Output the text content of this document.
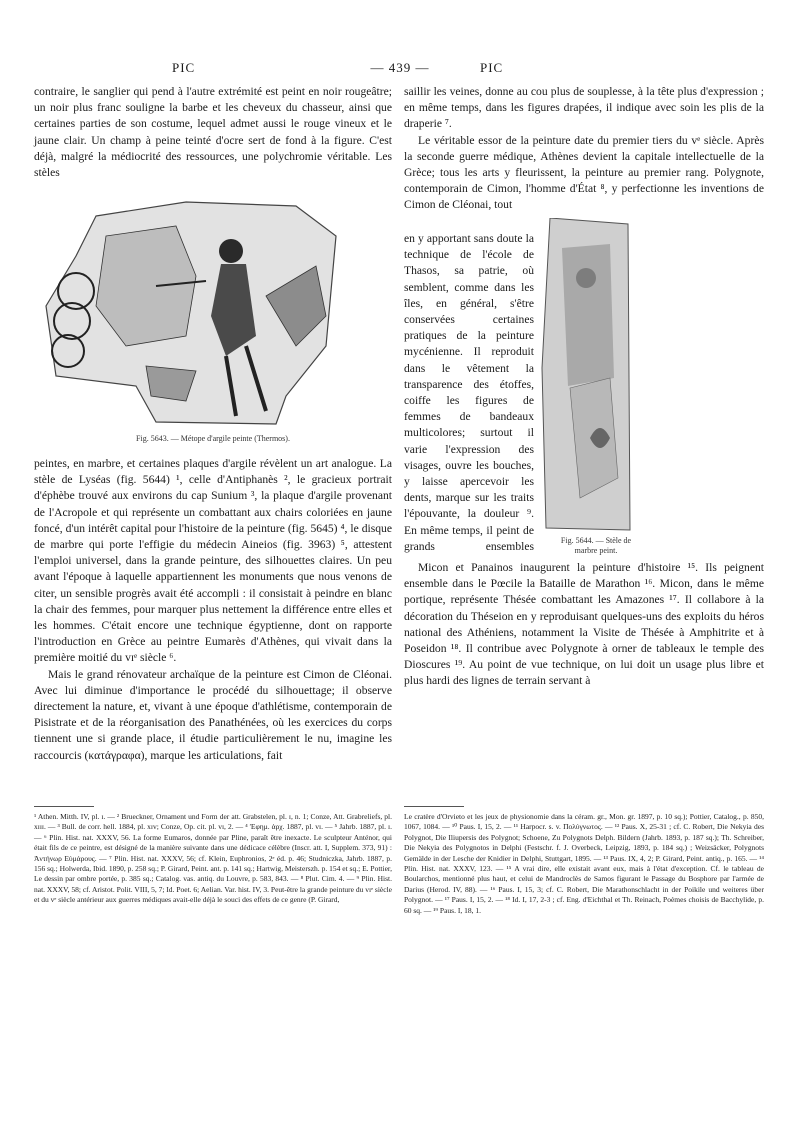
PIC	— 439 —	PIC

contraire, le sanglier qui pend à l'autre extrémité est peint en noir rougeâtre; un noir plus franc souligne la barbe et les cheveux du chasseur, ainsi que certaines parties de son costume, lequel admet aussi le rouge vineux et le jaune clair. Un champ à peine teinté d'ocre sert de fond à la figure. C'est déjà, malgré la médiocrité des ressources, une polychromie véritable. Les stèles

Fig. 5643. — Métope d'argile peinte (Thermos).

peintes, en marbre, et certaines plaques d'argile révèlent un art analogue. La stèle de Lyséas (fig. 5644) ¹, celle d'Antiphanès ², le gracieux portrait d'éphèbe trouvé aux environs du cap Sunium ³, la plaque d'argile provenant de l'Acropole et qui représente un combattant aux chairs coloriées en jaune foncé, d'un intérêt capital pour l'histoire de la peinture (fig. 5645) ⁴, le disque de marbre qui porte l'effigie du médecin Aineios (fig. 3963) ⁵, attestent l'emploi universel, dans la grande peinture, des silhouettes claires. Un peu avant l'époque à laquelle appartiennent les monuments que nous venons de citer, un sensible progrès avait été accompli : il consistait à peindre en blanc la chair des femmes, pour marquer plus nettement la différence entre elles et les hommes. C'était encore une technique égyptienne, dont on rapporte l'introduction en Grèce au peintre Eumarès d'Athènes, qui vivait dans la première moitié du vɪᵉ siècle ⁶.

Mais le grand rénovateur archaïque de la peinture est Cimon de Cléonai. Avec lui diminue d'importance le procédé du silhouettage; il observe directement la nature, et, vivant à une époque d'athlétisme, contemporain de Pisistrate et de la réorganisation des Panathénées, où les exercices du corps tiennent une si grande place, il étudie particulièrement le nu, imagine les raccourcis (κατάγραφα), marque les articulations, fait

saillir les veines, donne au cou plus de souplesse, à la tête plus d'expression ; en même temps, dans les figures drapées, il indique avec soin les plis de la draperie ⁷.

Le véritable essor de la peinture date du premier tiers du vᵉ siècle. Après la seconde guerre médique, Athènes devient la capitale intellectuelle de la Grèce; tous les arts y fleurissent, la peinture au premier rang. Polygnote, contemporain de Cimon, l'homme d'État ⁸, y perfectionne les inventions de Cimon de Cléonai, tout

en y apportant sans doute la technique de l'école de Thasos, sa patrie, où semblent, comme dans les îles, en général, s'être conservées certaines pratiques de la peinture mycénienne. Il reproduit dans le vêtement la transparence des étoffes, coiffe les figures de femmes de bandeaux multicolores; surtout il varie l'expression des visages, ouvre les bouches, y laisse apercevoir les dents, marque sur les traits l'épouvante, la douleur ⁹. En même temps, il peint de grands ensembles	Fig. 5644. — Stèle de marbre peint.

Micon et Panainos inaugurent la peinture d'histoire ¹⁵. Ils peignent ensemble dans le Pœcile la Bataille de Marathon ¹⁶. Micon, dans le même portique, représente Thésée combattant les Amazones ¹⁷. Il collabore à la décoration du Théseion en y reproduisant quelques-uns des exploits du héros national des Athéniens, notamment la Visite de Thésée à Amphitrite et à Poseidon ¹⁸. Il contribue avec Polygnote à orner de tableaux le temple des Dioscures ¹⁹. Au point de vue technique, on lui doit un usage plus libre et plus hardi des lignes de terrain servant à

¹ Athen. Mitth. IV, pl. ɪ. — ² Brueckner, Ornament und Form der att. Grabstelen, pl. ɪ, n. 1; Conze, Att. Grabreliefs, pl. xɪɪɪ. — ³ Bull. de corr. hell. 1884, pl. xɪv; Conze, Op. cit. pl. vɪ, 2. — ⁴ Ἐφημ. ἀρχ. 1887, pl. vɪ. — ⁵ Jahrb. 1887, pl. ɪ. — ⁶ Plin. Hist. nat. XXXV, 56. La forme Eumaros, donnée par Pline, paraît être inexacte. Le sculpteur Anténor, qui était fils de ce peintre, est désigné de la manière suivante dans une dédicace célèbre (Inscr. att. I, Supplem. 373, 91) : Ἀντήνωρ Εὐμάρους. — ⁷ Plin. Hist. nat. XXXV, 56; cf. Klein, Euphronios, 2ᵉ éd. p. 46; Studniczka, Jahrb. 1887, p. 156 sq.; Holwerda, Ibid. 1890, p. 258 sq.; P. Girard, Peint. ant. p. 141 sq.; Hartwig, Meisterszh. p. 154 et sq.; E. Pottier, Le dessin par ombre portée, p. 385 sq.; Catalog. vas. antiq. du Louvre, p. 583, 843. — ⁸ Plut. Cim. 4. — ⁹ Plin. Hist. nat. XXXV, 58; cf. Aristot. Polit. VIII, 5, 7; Id. Poet. 6; Aelian. Var. hist. IV, 3. Peut-être la grande peinture du vɪᵉ siècle et du vᵉ siècle antérieur aux guerres médiques avait-elle déjà le souci des effets de ce genre (P. Girard,
Le cratère d'Orvieto et les jeux de physionomie dans la céram. gr., Mon. gr. 1897, p. 10 sq.); Pottier, Catalog., p. 850, 1067, 1084. — ¹⁰ Paus. I, 15, 2. — ¹¹ Harpocr. s. v. Πολύγνωτος. — ¹² Paus. X, 25-31 ; cf. C. Robert, Die Nekyia des Polygnot, Die Iliupersis des Polygnot; Schoene, Zu Polygnots Delph. Bildern (Jahrb. 1893, p. 187 sq.); Th. Schreiber, Die Nekyia des Polygnotos in Delphi (Festschr. f. J. Overbeck, Leipzig, 1893, p. 184 sq.) ; Weizsäcker, Polygnots Gemälde in der Lesche der Knidier in Delphi, Stuttgart, 1895. — ¹³ Paus. IX, 4, 2; P. Girard, Peint. antiq., p. 165. — ¹⁴ Plin. Hist. nat. XXXV, 123. — ¹⁵ A vrai dire, elle existait avant eux, mais à l'état d'exception. Cf. le tableau de Boularchos, mentionné plus haut, et celui de Mandroclès de Samos figurant le Passage du Bosphore par l'armée de Darius (Herod. IV, 88). — ¹⁶ Paus. I, 15, 3; cf. C. Robert, Die Marathonschlacht in der Poikile und weiteres über Polygnot. — ¹⁷ Paus. I, 15, 2. — ¹⁸ Id. I, 17, 2-3 ; cf. Eng. d'Eichthal et Th. Reinach, Poèmes choisis de Bacchylide, p. 60 sq. — ¹⁹ Paus. I, 18, 1.
